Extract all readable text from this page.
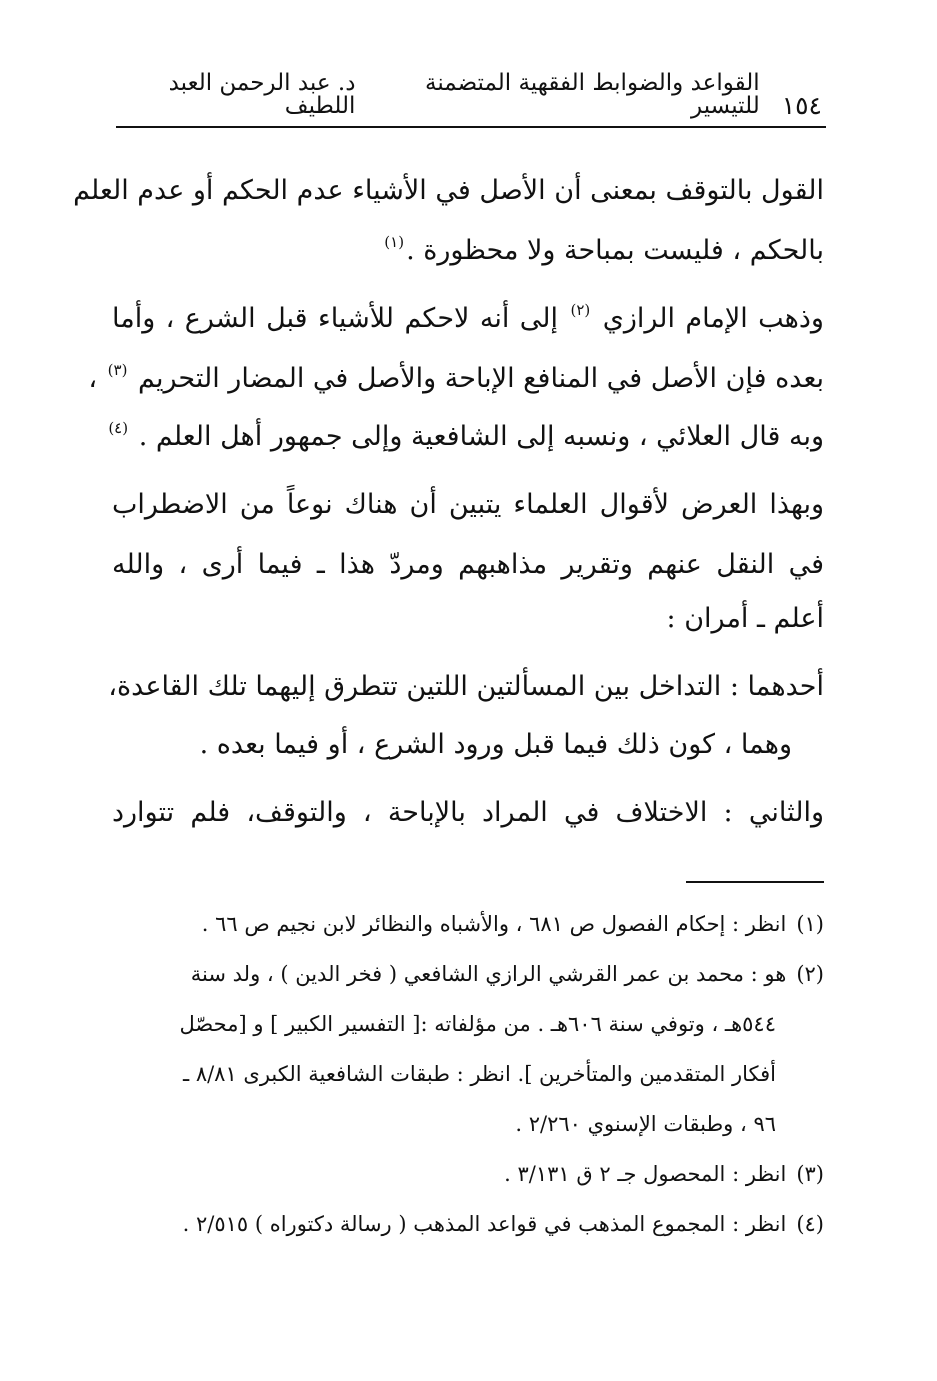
١٥٤
القواعد والضوابط الفقهية المتضمنة للتيسير
د. عبد الرحمن العبد اللطيف
القول بالتوقف بمعنى أن الأصل في الأشياء عدم الحكم أو عدم العلم
بالحكم ، فليست بمباحة ولا محظورة .$^{(١)}$
وذهب الإمام الرازي $^{(٢)}$ إلى أنه لاحكم للأشياء قبل الشرع ، وأما
بعده فإن الأصل في المنافع الإباحة والأصل في المضار التحريم $^{(٣)}$ ،
وبه قال العلائي ، ونسبه إلى الشافعية وإلى جمهور أهل العلم . $^{(٤)}$
وبهذا العرض لأقوال العلماء يتبين أن هناك نوعاً من الاضطراب
في النقل عنهم وتقرير مذاهبهم ومردّ هذا ـ فيما أرى ، والله
أعلم ـ أمران :
أحدهما : التداخل بين المسألتين اللتين تتطرق إليهما تلك القاعدة،
وهما ، كون ذلك فيما قبل ورود الشرع ، أو فيما بعده .
والثاني : الاختلاف في المراد بالإباحة ، والتوقف، فلم تتوارد
(١)انظر : إحكام الفصول ص ٦٨١ ، والأشباه والنظائر لابن نجيم ص ٦٦ .
(٢)هو : محمد بن عمر القرشي الرازي الشافعي ( فخر الدين ) ، ولد سنة
٥٤٤هـ ، وتوفي سنة ٦٠٦هـ . من مؤلفاته :[ التفسير الكبير ] و [محصّل
أفكار المتقدمين والمتأخرين ]. انظر : طبقات الشافعية الكبرى ٨/٨١ ـ
٩٦ ، وطبقات الإسنوي ٢/٢٦٠ .
(٣)انظر : المحصول جـ ٢ ق ٣/١٣١ .
(٤)انظر : المجموع المذهب في قواعد المذهب ( رسالة دكتوراه ) ٢/٥١٥ .
